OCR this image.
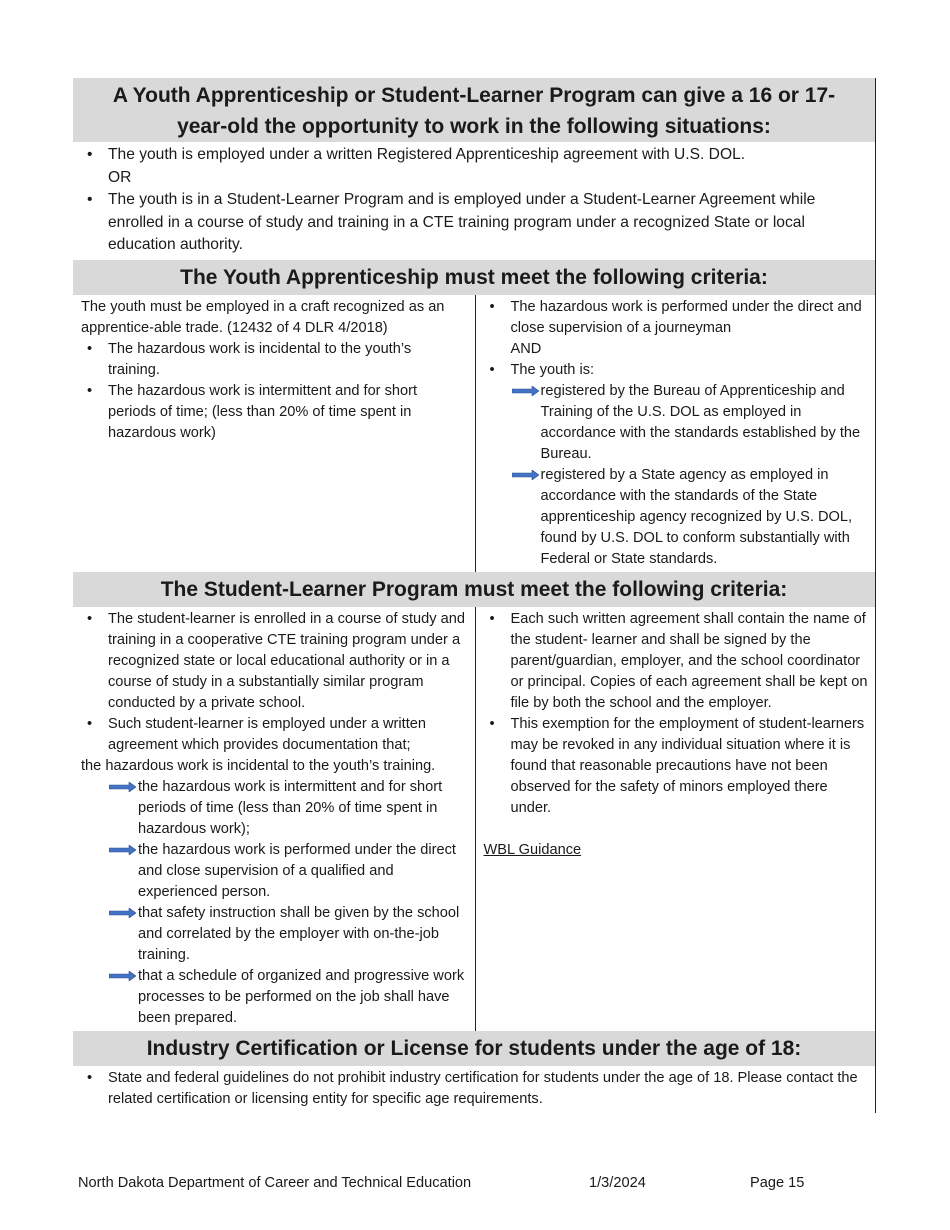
A Youth Apprenticeship or Student-Learner Program can give a 16 or 17-year-old the opportunity to work in the following situations:
• The youth is employed under a written Registered Apprenticeship agreement with U.S. DOL.
OR
• The youth is in a Student-Learner Program and is employed under a Student-Learner Agreement while enrolled in a course of study and training in a CTE training program under a recognized State or local education authority.
The Youth Apprenticeship must meet the following criteria:
The youth must be employed in a craft recognized as an apprentice-able trade. (12432 of 4 DLR 4/2018)
• The hazardous work is incidental to the youth’s training.
• The hazardous work is intermittent and for short periods of time; (less than 20% of time spent in hazardous work)
• The hazardous work is performed under the direct and close supervision of a journeyman
AND
• The youth is:
registered by the Bureau of Apprenticeship and Training of the U.S. DOL as employed in accordance with the standards established by the Bureau.
registered by a State agency as employed in accordance with the standards of the State apprenticeship agency recognized by U.S. DOL, found by U.S. DOL to conform substantially with Federal or State standards.
The Student-Learner Program must meet the following criteria:
• The student-learner is enrolled in a course of study and training in a cooperative CTE training program under a recognized state or local educational authority or in a course of study in a substantially similar program conducted by a private school.
• Such student-learner is employed under a written agreement which provides documentation that;
the hazardous work is incidental to the youth’s training.
the hazardous work is intermittent and for short periods of time (less than 20% of time spent in hazardous work);
the hazardous work is performed under the direct and close supervision of a qualified and experienced person.
that safety instruction shall be given by the school and correlated by the employer with on-the-job training.
that a schedule of organized and progressive work processes to be performed on the job shall have been prepared.
• Each such written agreement shall contain the name of the student- learner and shall be signed by the parent/guardian, employer, and the school coordinator or principal. Copies of each agreement shall be kept on file by both the school and the employer.
• This exemption for the employment of student-learners may be revoked in any individual situation where it is found that reasonable precautions have not been observed for the safety of minors employed there under.
WBL Guidance
Industry Certification or License for students under the age of 18:
• State and federal guidelines do not prohibit industry certification for students under the age of 18. Please contact the related certification or licensing entity for specific age requirements.
North Dakota Department of Career and Technical Education	1/3/2024	Page 15
